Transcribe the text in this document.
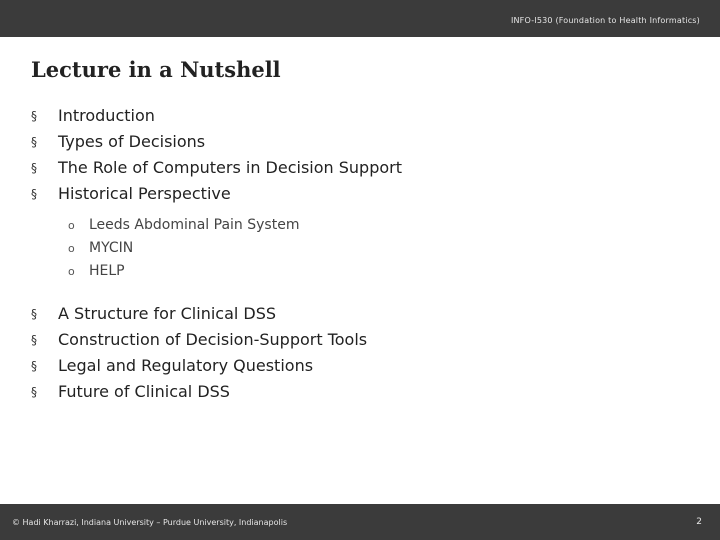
INFO-I530 (Foundation to Health Informatics)
Lecture in a Nutshell
§	Introduction
§	Types of Decisions
§	The Role of Computers in Decision Support
§	Historical Perspective
o Leeds Abdominal Pain System
o MYCIN
o HELP
§	A Structure for Clinical DSS
§	Construction of Decision-Support Tools
§	Legal and Regulatory Questions
§	Future of Clinical DSS
© Hadi Kharrazi, Indiana University – Purdue University, Indianapolis	2
